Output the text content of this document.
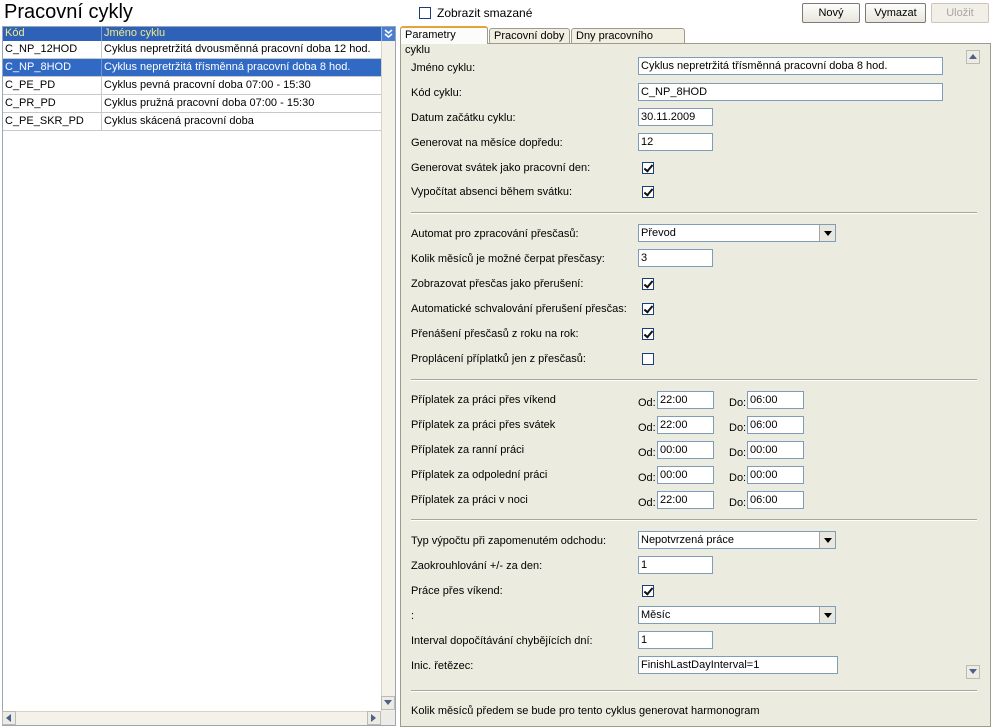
Pracovní cykly
Kód	Jméno cyklu
C_NP_12HOD	Cyklus nepretržitá dvousměnná pracovní doba 12 hod.
C_NP_8HOD	Cyklus nepretržitá třísměnná pracovní doba 8 hod.
C_PE_PD	Cyklus pevná pracovní doba 07:00 - 15:30
C_PR_PD	Cyklus pružná pracovní doba 07:00 - 15:30
C_PE_SKR_PD	Cyklus skácená pracovní doba
Zobrazit smazané	Nový	Vymazat	Uložit
Parametry cyklu
Pracovní doby	Dny pracovního
Jméno cyklu:	Cyklus nepretržitá třísměnná pracovní doba 8 hod.
Kód cyklu:	C_NP_8HOD
Datum začátku cyklu:	30.11.2009
Generovat na měsíce dopředu:	12
Generovat svátek jako pracovní den:
Vypočítat absenci během svátku:
Automat pro zpracování přesčasů:	Převod
Kolik měsíců je možné čerpat přesčasy:	3
Zobrazovat přesčas jako přerušení:
Automatické schvalování přerušení přesčas:
Přenášení přesčasů z roku na rok:
Proplácení příplatků jen z přesčasů:
Příplatek za práci přes víkend	Od: 22:00	Do: 06:00
Příplatek za práci přes svátek	Od: 22:00	Do: 06:00
Příplatek za ranní práci	Od: 00:00	Do: 00:00
Příplatek za odpolední práci	Od: 00:00	Do: 00:00
Příplatek za práci v noci	Od: 22:00	Do: 06:00
Typ výpočtu při zapomenutém odchodu:	Nepotvrzená práce
Zaokrouhlování +/- za den:	1
Práce přes víkend:
:	Měsíc
Interval dopočítávání chybějících dní:	1
Inic. řetězec:	FinishLastDayInterval=1
Kolik měsíců předem se bude pro tento cyklus generovat harmonogram
